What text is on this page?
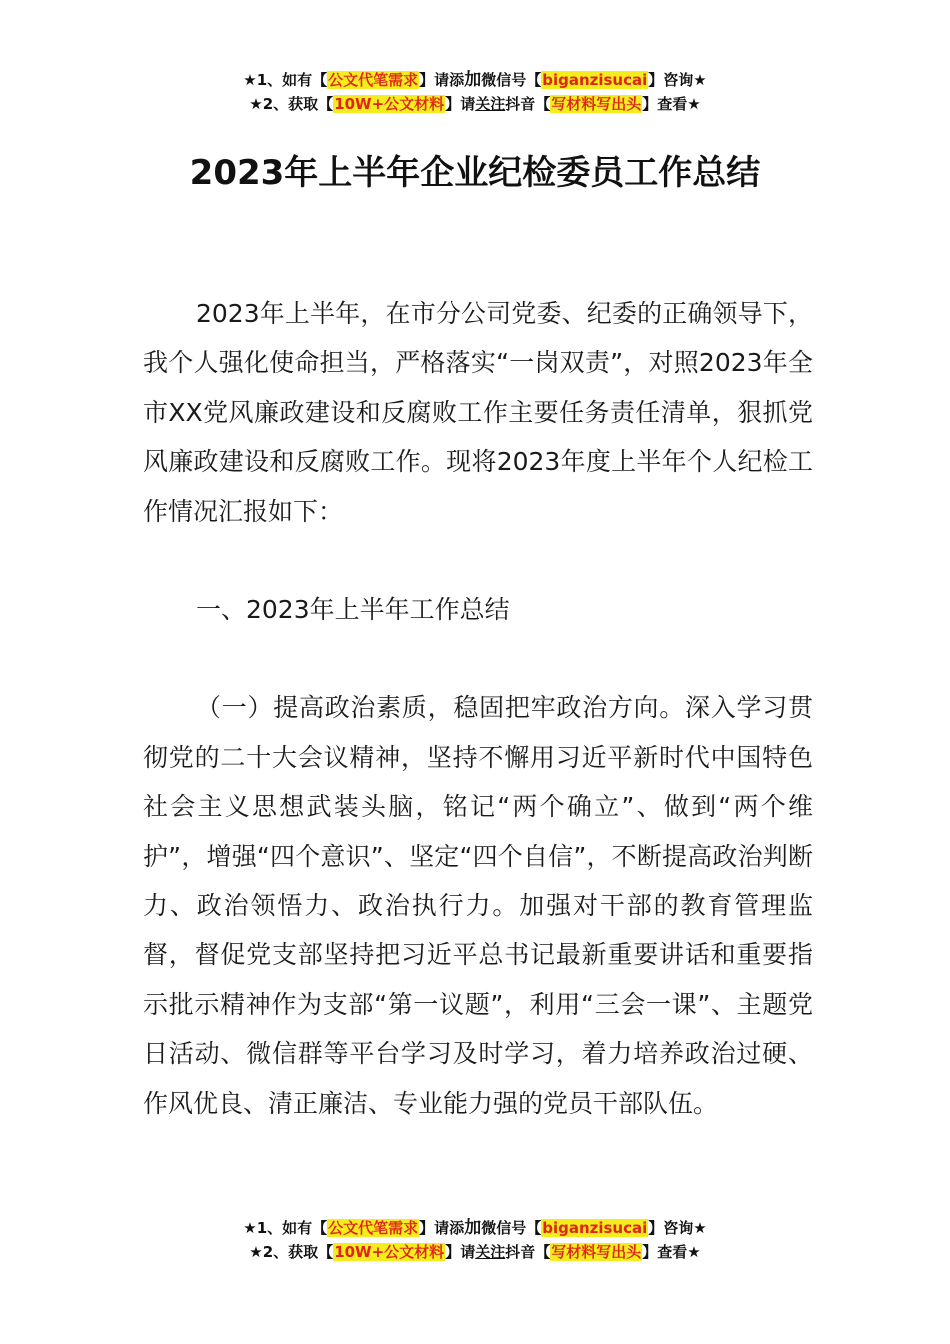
★1、如有【公文代笔需求】请添加微信号【biganzisucai】咨询★
★2、获取【10W+公文材料】请关注抖音【写材料写出头】查看★
2023年上半年企业纪检委员工作总结

2023年上半年，在市分公司党委、纪委的正确领导下，我个人强化使命担当，严格落实“一岗双责”，对照2023年全市XX党风廉政建设和反腐败工作主要任务责任清单，狠抓党风廉政建设和反腐败工作。现将2023年度上半年个人纪检工作情况汇报如下：

一、2023年上半年工作总结

（一）提高政治素质，稳固把牢政治方向。深入学习贯彻党的二十大会议精神，坚持不懈用习近平新时代中国特色社会主义思想武装头脑，铭记“两个确立”、做到“两个维护”，增强“四个意识”、坚定“四个自信”，不断提高政治判断力、政治领悟力、政治执行力。加强对干部的教育管理监督，督促党支部坚持把习近平总书记最新重要讲话和重要指示批示精神作为支部“第一议题”，利用“三会一课”、主题党日活动、微信群等平台学习及时学习，着力培养政治过硬、作风优良、清正廉洁、专业能力强的党员干部队伍。

★1、如有【公文代笔需求】请添加微信号【biganzisucai】咨询★
★2、获取【10W+公文材料】请关注抖音【写材料写出头】查看★
